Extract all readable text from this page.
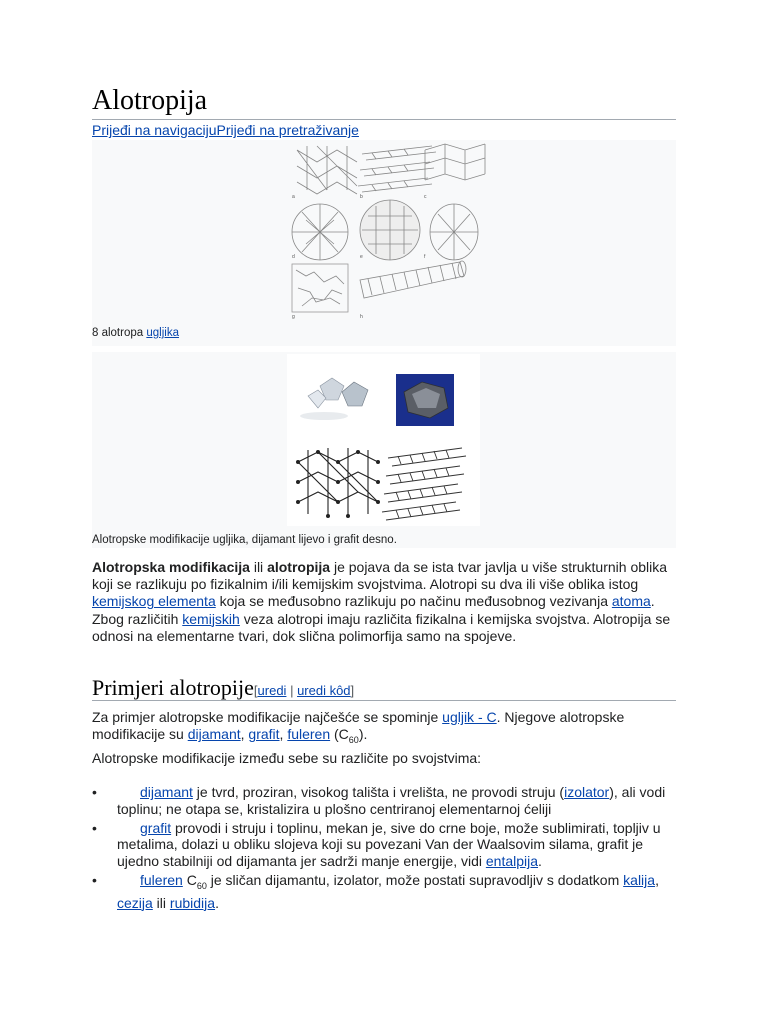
Alotropija
Prijeđi na navigacijuPrijeđi na pretraživanje
a	b	c
d	e	f
g	h
8 alotropa ugljika
Alotropske modifikacije ugljika, dijamant lijevo i grafit desno.
Alotropska modifikacija ili alotropija je pojava da se ista tvar javlja u više strukturnih oblika koji se razlikuju po fizikalnim i/ili kemijskim svojstvima. Alotropi su dva ili više oblika istog kemijskog elementa koja se međusobno razlikuju po načinu međusobnog vezivanja atoma. Zbog različitih kemijskih veza alotropi imaju različita fizikalna i kemijska svojstva. Alotropija se odnosi na elementarne tvari, dok slična polimorfija samo na spojeve.
Primjeri alotropije[uredi | uredi kôd]
Za primjer alotropske modifikacije najčešće se spominje ugljik - C. Njegove alotropske modifikacije su dijamant, grafit, fuleren $(C_{60})$.
Alotropske modifikacije između sebe su različite po svojstvima:
•	dijamant je tvrd, proziran, visokog tališta i vrelišta, ne provodi struju (izolator), ali vodi toplinu; ne otapa se, kristalizira u plošno centriranoj elementarnoj ćeliji
•	grafit provodi i struju i toplinu, mekan je, sive do crne boje, može sublimirati, topljiv u metalima, dolazi u obliku slojeva koji su povezani Van der Waalsovim silama, grafit je ujedno stabilniji od dijamanta jer sadrži manje energije, vidi entalpija.
•	fuleren $C_{60}$ je sličan dijamantu, izolator, može postati supravodljiv s dodatkom kalija, cezija ili rubidija.
